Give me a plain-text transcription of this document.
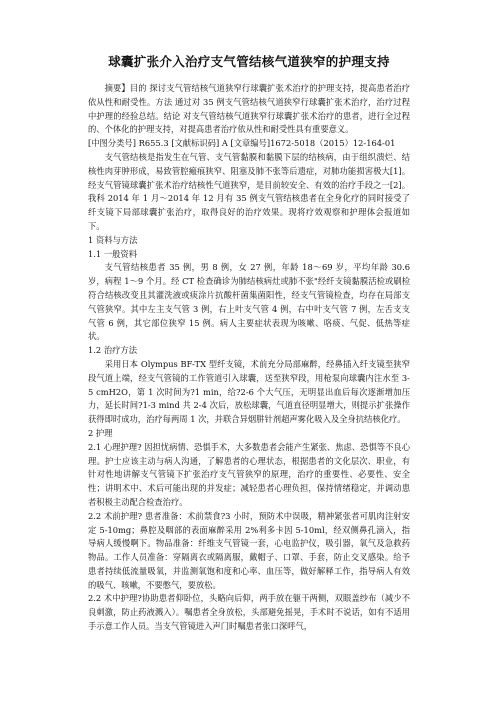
球囊扩张介入治疗支气管结核气道狭窄的护理支持

摘要】目的 探讨支气管结核气道狭窄行球囊扩张术治疗的护理支持，提高患者治疗依从性和耐受性。方法 通过对 35 例支气管结核气道狭窄行球囊扩张术治疗，治疗过程中护理的经验总结。结论 对支气管结核气道狭窄行球囊扩张术治疗的患者，进行全过程的、个体化的护理支持，对提高患者治疗依从性和耐受性具有重要意义。

[中图分类号] R655.3 [文献标识码] A [文章编号]1672-5018（2015）12-164-01

支气管结核是指发生在气管、支气管黏膜和黏膜下层的结核病，由于组织溃烂、结核性肉芽肿形成，易致管腔瘢痕狭窄、阻塞及肺不张等后遗症，对肺功能损害极大[1]。经支气管镜球囊扩张术治疗结核性气道狭窄，是目前较安全、有效的治疗手段之一[2]。我科 2014 年 1 月～2014 年 12 月有 35 例支气管结核患者在全身化疗的同时接受了纤支镜下局部球囊扩张治疗，取得良好的治疗效果。现将疗效观察和护理体会报道如下。

1 资料与方法
1.1 一般资料

支气管结核患者 35 例，男 8 例，女 27 例，年龄 18～69 岁，平均年龄 30.6 岁，病程 1～9 个月。经 CT 检查确诊为肺结核病灶或肺不张"经纤支镜黏膜活检或刷检符合结核改变且其灌洗液或痰涂片抗酸杆菌集菌阳性，经支气管镜检查，均存在局部支气管狭窄。其中左主支气管 3 例，右上叶支气管 4 例，右中叶支气管 7 例，左舌支支气管 6 例，其它部位狭窄 15 例。病人主要症状表现为咳嗽、咯痰、气促、低热等症状。

1.2 治疗方法

采用日本 Olympus BF-TX 型纤支镜，术前充分局部麻醉，经鼻插入纤支镜至狭窄段气道上端，经支气管镜的工作管道引入球囊，送至狭窄段，用枪泵向球囊内注水至 3-5 cmH2O，第 1 次时间为?1 min，给?2-6 个大气压，无明显出血后每次逐渐增加压力，延长时间?1-3 mind 共 2-4 次后，放松球囊，气道直径明显增大，则提示扩张操作获得即时成功，治疗每两周 1 次，并联合异烟肼针剂超声雾化吸入及全身抗结核化疗。

2 护理

2.1 心理护理? 因担忧病情、恐惧手术，大多数患者会能产生紧张、焦虑、恐惧等不良心理。护士应该主动与病人沟通，了解患者的心理状态，根据患者的文化层次、职业，有针对性地讲解支气管镜下扩张治疗支气管狭窄的原理，治疗的重要性、必要性、安全性；讲明术中、术后可能出现的并发症；减轻患者心理负担，保持情绪稳定，并调动患者积极主动配合检查治疗。

2.2 术前护理? 患者准备：术前禁食?3 小时，预防术中误吸，精神紧张者可肌肉注射安定 5-10mg；鼻腔及咽部的表面麻醉采用 2%利多卡因 5-10ml，经双侧鼻孔滴入，指导病人缓慢啊下。物品准备：纤维支气管镜一套，心电监护仪，吸引器，氧气及急救药物品。工作人员准备：穿隔离衣或隔离服，戴帽子、口罩、手套，防止交叉感染。给予患者持续低流量吸氧，并监测氧饱和度和心率、血压等，做好解释工作，指导病人有效的吸气、咳嗽，不要憋气，要放松。

2.2 术中护理?协助患者仰卧位，头略向后仰，两手放在躯干两侧，双眼盖纱布（减少不良刺激，防止药液溅入）。嘱患者全身放松，头部避免摇晃，手术时不说话，如有不适用手示意工作人员。当支气管镜进入声门时嘱患者张口深呼气，
